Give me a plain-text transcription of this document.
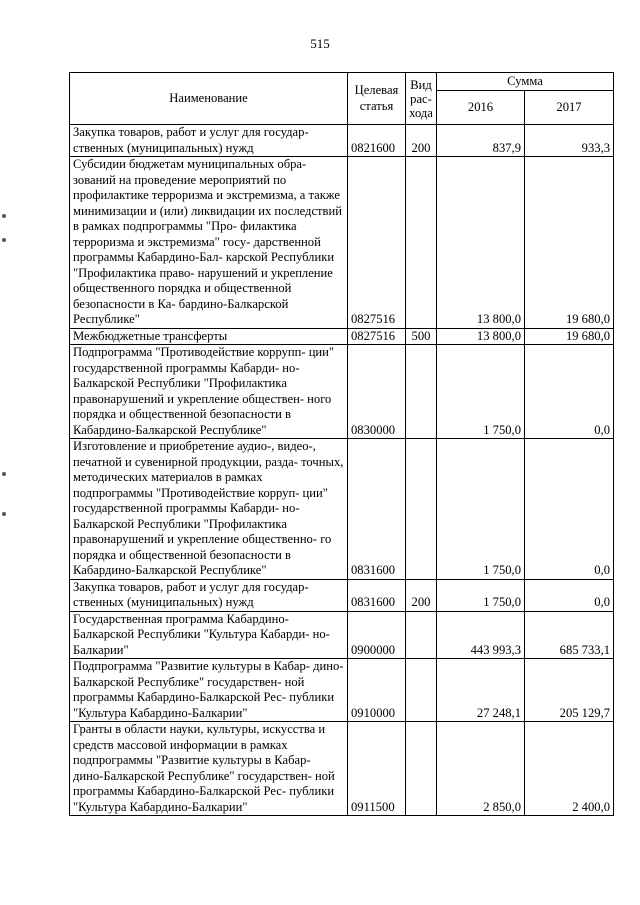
515
Наименование	Целевая статья	Вид рас- хода	Сумма	
			2016	2017
Закупка товаров, работ и услуг для государ- ственных (муниципальных) нужд	0821600	200	837,9	933,3
Субсидии бюджетам муниципальных обра- зований на проведение мероприятий по профилактике терроризма и экстремизма, а также минимизации и (или) ликвидации их последствий в рамках подпрограммы "Про- филактика терроризма и экстремизма" госу- дарственной программы Кабардино-Бал- карской Республики "Профилактика право- нарушений и укрепление общественного порядка и общественной безопасности в Ка- бардино-Балкарской Республике"	0827516		13 800,0	19 680,0
Межбюджетные трансферты	0827516	500	13 800,0	19 680,0
Подпрограмма "Противодействие коррупп- ции" государственной программы Кабарди- но-Балкарской Республики "Профилактика правонарушений и укрепление обществен- ного порядка и общественной безопасности в Кабардино-Балкарской Республике"	0830000		1 750,0	0,0
Изготовление и приобретение аудио-, видео-, печатной и сувенирной продукции, разда- точных, методических материалов в рамках подпрограммы "Противодействие корруп- ции" государственной программы Кабарди- но-Балкарской Республики "Профилактика правонарушений и укрепление общественно- го порядка и общественной безопасности в Кабардино-Балкарской Республике"	0831600		1 750,0	0,0
Закупка товаров, работ и услуг для государ- ственных (муниципальных) нужд	0831600	200	1 750,0	0,0
Государственная программа Кабардино- Балкарской Республики "Культура Кабарди- но-Балкарии"	0900000		443 993,3	685 733,1
Подпрограмма "Развитие культуры в Кабар- дино-Балкарской Республике" государствен- ной программы Кабардино-Балкарской Рес- публики "Культура Кабардино-Балкарии"	0910000		27 248,1	205 129,7
Гранты в области науки, культуры, искусства и средств массовой информации в рамках подпрограммы "Развитие культуры в Кабар- дино-Балкарской Республике" государствен- ной программы Кабардино-Балкарской Рес- публики "Культура Кабардино-Балкарии"	0911500		2 850,0	2 400,0
